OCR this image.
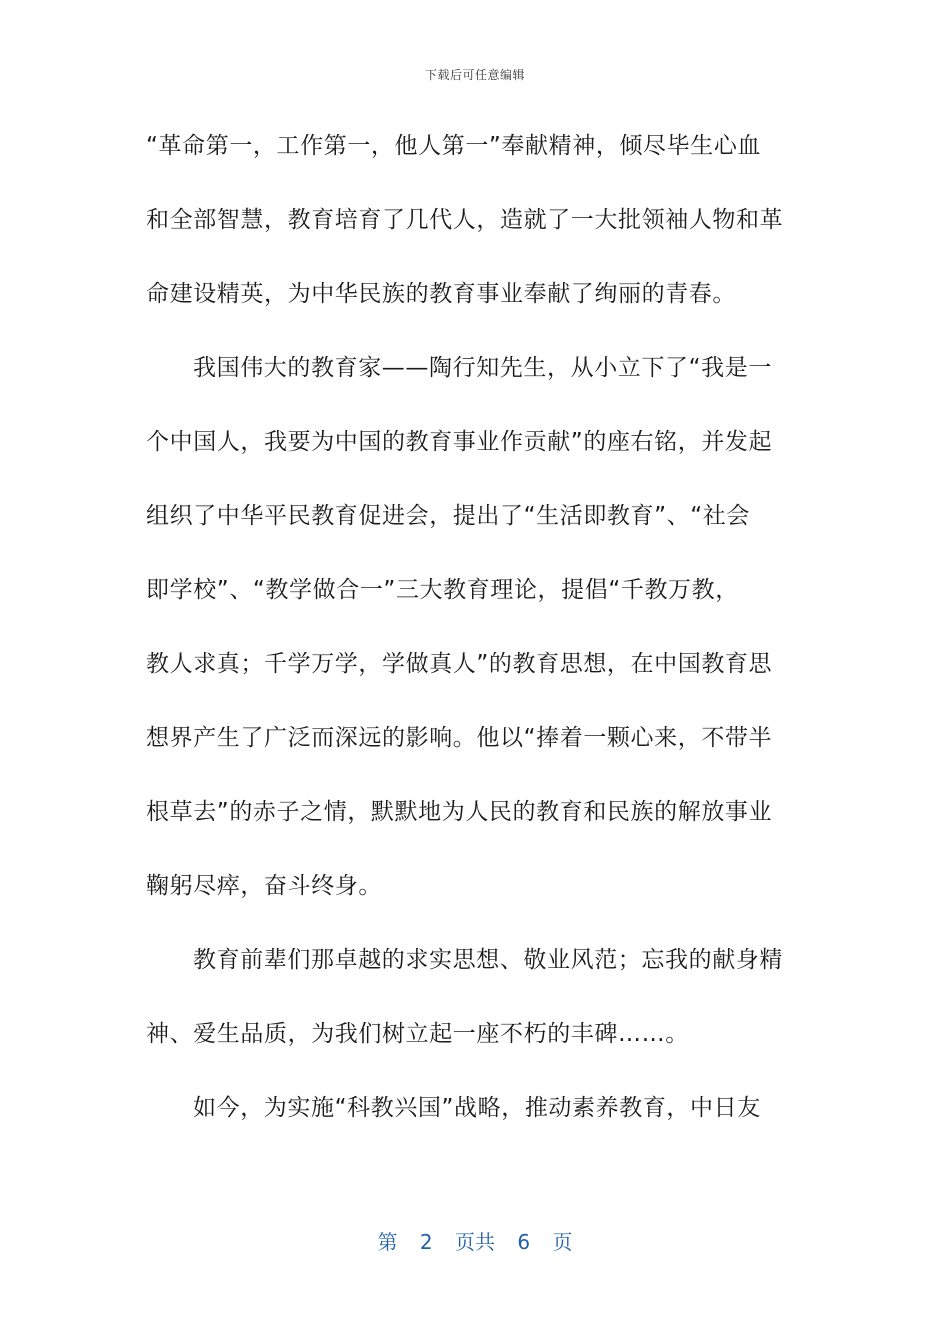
下载后可任意编辑
“革命第一，工作第一，他人第一”奉献精神，倾尽毕生心血
和全部智慧，教育培育了几代人，造就了一大批领袖人物和革
命建设精英，为中华民族的教育事业奉献了绚丽的青春。
我国伟大的教育家——陶行知先生，从小立下了“我是一
个中国人，我要为中国的教育事业作贡献”的座右铭，并发起
组织了中华平民教育促进会，提出了“生活即教育”、“社会
即学校”、“教学做合一”三大教育理论，提倡“千教万教，
教人求真；千学万学，学做真人”的教育思想，在中国教育思
想界产生了广泛而深远的影响。他以“捧着一颗心来，不带半
根草去”的赤子之情，默默地为人民的教育和民族的解放事业
鞠躬尽瘁，奋斗终身。
教育前辈们那卓越的求实思想、敬业风范；忘我的献身精
神、爱生品质，为我们树立起一座不朽的丰碑……。
如今，为实施“科教兴国”战略，推动素养教育，中日友
第 2 页共 6 页
